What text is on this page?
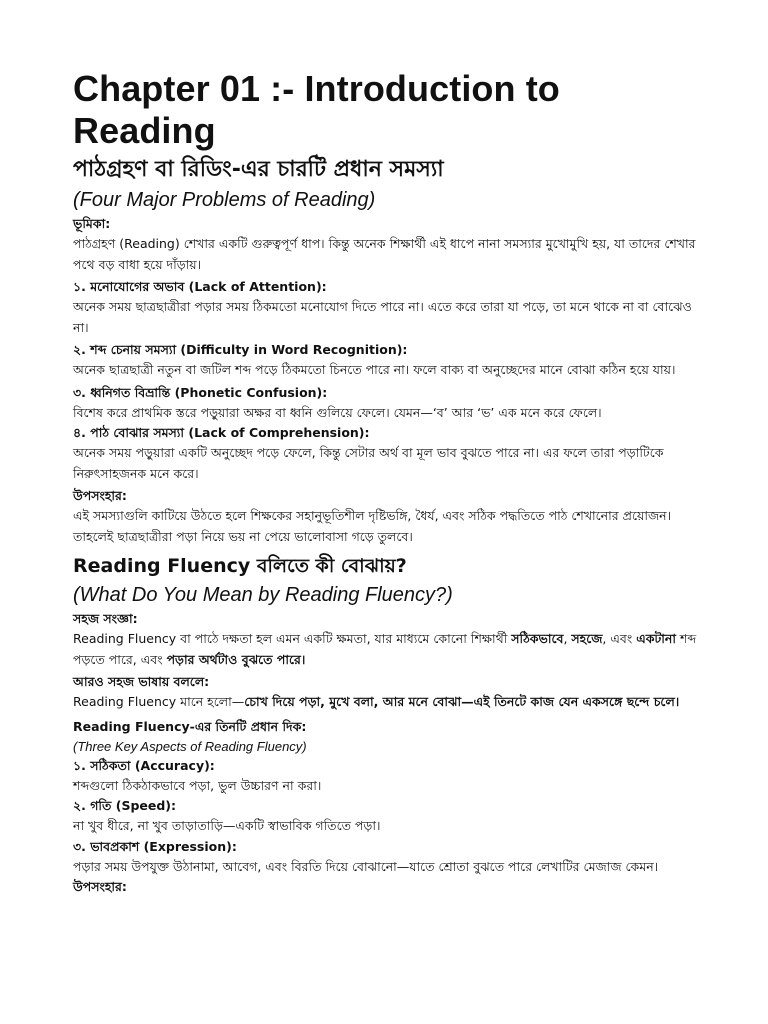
Chapter 01 :- Introduction to Reading

পাঠগ্রহণ বা রিডিং-এর চারটি প্রধান সমস্যা

(Four Major Problems of Reading)

ভূমিকা:

পাঠগ্রহণ (Reading) শেখার একটি গুরুত্বপূর্ণ ধাপ। কিন্তু অনেক শিক্ষার্থী এই ধাপে নানা সমস্যার মুখোমুখি হয়, যা তাদের শেখার পথে বড় বাধা হয়ে দাঁড়ায়।

১. মনোযোগের অভাব (Lack of Attention):

অনেক সময় ছাত্রছাত্রীরা পড়ার সময় ঠিকমতো মনোযোগ দিতে পারে না। এতে করে তারা যা পড়ে, তা মনে থাকে না বা বোঝেও না।

২. শব্দ চেনায় সমস্যা (Difficulty in Word Recognition):

অনেক ছাত্রছাত্রী নতুন বা জটিল শব্দ পড়ে ঠিকমতো চিনতে পারে না। ফলে বাক্য বা অনুচ্ছেদের মানে বোঝা কঠিন হয়ে যায়।

৩. ধ্বনিগত বিভ্রান্তি (Phonetic Confusion):

বিশেষ করে প্রাথমিক স্তরে পড়ুয়ারা অক্ষর বা ধ্বনি গুলিয়ে ফেলে। যেমন—‘ব’ আর ‘ভ’ এক মনে করে ফেলে।

৪. পাঠ বোঝার সমস্যা (Lack of Comprehension):

অনেক সময় পড়ুয়ারা একটি অনুচ্ছেদ পড়ে ফেলে, কিন্তু সেটার অর্থ বা মূল ভাব বুঝতে পারে না। এর ফলে তারা পড়াটিকে নিরুৎসাহজনক মনে করে।

উপসংহার:

এই সমস্যাগুলি কাটিয়ে উঠতে হলে শিক্ষকের সহানুভূতিশীল দৃষ্টিভঙ্গি, ধৈর্য, এবং সঠিক পদ্ধতিতে পাঠ শেখানোর প্রয়োজন। তাহলেই ছাত্রছাত্রীরা পড়া নিয়ে ভয় না পেয়ে ভালোবাসা গড়ে তুলবে।

Reading Fluency বলিতে কী বোঝায়?

(What Do You Mean by Reading Fluency?)

সহজ সংজ্ঞা:

Reading Fluency বা পাঠে দক্ষতা হল এমন একটি ক্ষমতা, যার মাধ্যমে কোনো শিক্ষার্থী সঠিকভাবে, সহজে, এবং একটানা শব্দ পড়তে পারে, এবং পড়ার অর্থটাও বুঝতে পারে।

আরও সহজ ভাষায় বললে:

Reading Fluency মানে হলো—চোখ দিয়ে পড়া, মুখে বলা, আর মনে বোঝা—এই তিনটে কাজ যেন একসঙ্গে ছন্দে চলে।

Reading Fluency-এর তিনটি প্রধান দিক:

(Three Key Aspects of Reading Fluency)

১. সঠিকতা (Accuracy):

শব্দগুলো ঠিকঠাকভাবে পড়া, ভুল উচ্চারণ না করা।

২. গতি (Speed):

না খুব ধীরে, না খুব তাড়াতাড়ি—একটি স্বাভাবিক গতিতে পড়া।

৩. ভাবপ্রকাশ (Expression):

পড়ার সময় উপযুক্ত উঠানামা, আবেগ, এবং বিরতি দিয়ে বোঝানো—যাতে শ্রোতা বুঝতে পারে লেখাটির মেজাজ কেমন।

উপসংহার:
